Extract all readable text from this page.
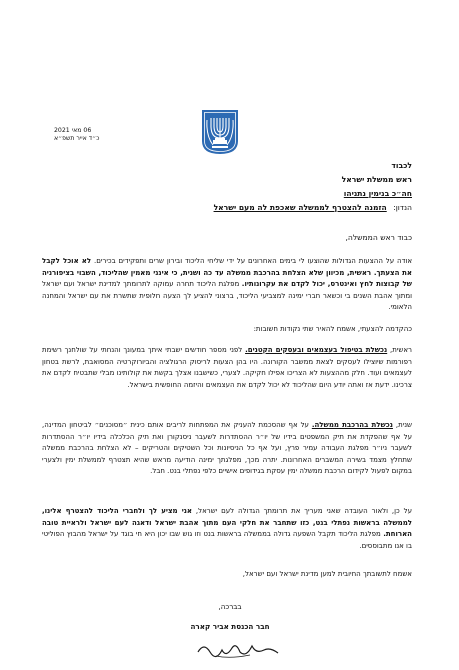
06 מאי 2021
כ״ד אייר תשפ״א
לכבוד
ראש ממשלת ישראל
חה״כ בנימין נתניהו
הנדון: הזמנה להצטרף לממשלה שאכפת לה מעם ישראל
כבוד ראש הממשלה,
אודה על ההצעות הגדולות שהוצעו לי בימים האחרונים על ידי שליחי הליכוד ובירון שרים ותפקידים בכירים. לא אוכל לקבל את הצעתך. ראשית, מכיוון שלא הצלחת בהרכבת ממשלה עד כה ושנית, כי אינני מאמין שהליכוד, השבוי בציפורניה של קבוצות לחץ ואינטרס, יכול לקדם את עקרונותיו. מפלגת הליכוד תחרה עמוקה לתרומתך למדינת ישראל ועם ישראל ומתוך אהבת השנים בי וכשאר חברי ימינה למצביעי הליכוד, ברצוני להציע לך הצעה חלופית שתשרת את עם ישראל והמחנה הלאומי.
כהקדמה להצעתי, אשמח להאיר שתי נקודות חשובות:
ראשית, נכשלת בטיפול בעצמאים ובעסקים הקטנים. לפני מספר חודשים ישבתי איתך במעונך והנחתי על שולחנך רשימת רפורמות שיוצילו לעסקים לצאת ממשבר הקורונה. היו בהן הצעות לריסוק הרגולציה והביורוקרטיה המסואבת, לרשת בטחון לעצמאים ועוד. חלק מההצעות לא הצריכו אפילו חקיקה. לצערי, כשישבנו אצלך בקשת את קולותינו מבלי שתבטיח לקדם את צרכינו. ידעת אז ואתה יודע היום שהליכוד לא יכול לקדם את העצמאים והיזמה החופשית בישראל.
שנית, נכשלת בהרכבת ממשלה. על אף שהסכמת להעניק את המפתחות לריבים אותם כינית ״מסוכנים״ לביטחון המדינה, על אף שהפקדת את תיק המשפטים בידיו של יו״ר ההסתדרות לשעבר ניסנקורן ואת תיק הכלכלה בידיו יו״ר ההסתדרות לשעבר ניו״ר מפלגת העבודה עמיר פרץ, ועל אף כל הניסיונות וכל השטיקים והטריקים – לא הצלחת בהרכבת ממשלה שתחלץ מצמד בשירה המשברים האחרונות. יתרה מכך, מפלגתך ימינה הודיעה מראש שהיא תצטרף לממשלת ימין ולצערי במקום לפעול לקידום הרכבת ממשלה ימין עסקת בגידופים אישיים כלפי נפתלי בנט. חבל.
על כן, ולאור העובדה שאני מעריך את תרומתך הגדולה לעם ישראל, אני מציע לך ולחברי הליכוד להצטרף אלינו, לממשלה בראשות נפתלי בנט, כזו שתחבר את חלקי העם מתוך אהבת ישראל ודאגה לעם ישראל ולראיית טובה הארוחת. מפלגת הליכוד תקבל השפעה גדולה בממשלה בראשות בנט וזו גוש שבו יכון היא חי בוגד על ישראל מהבוץ הפוליטי בו אנו מתבוססים.
אשמח לתשובתך החיובית למען מדינת ישראל ועם ישראל,
בברכה,
חבר הכנסת אביר קארה
